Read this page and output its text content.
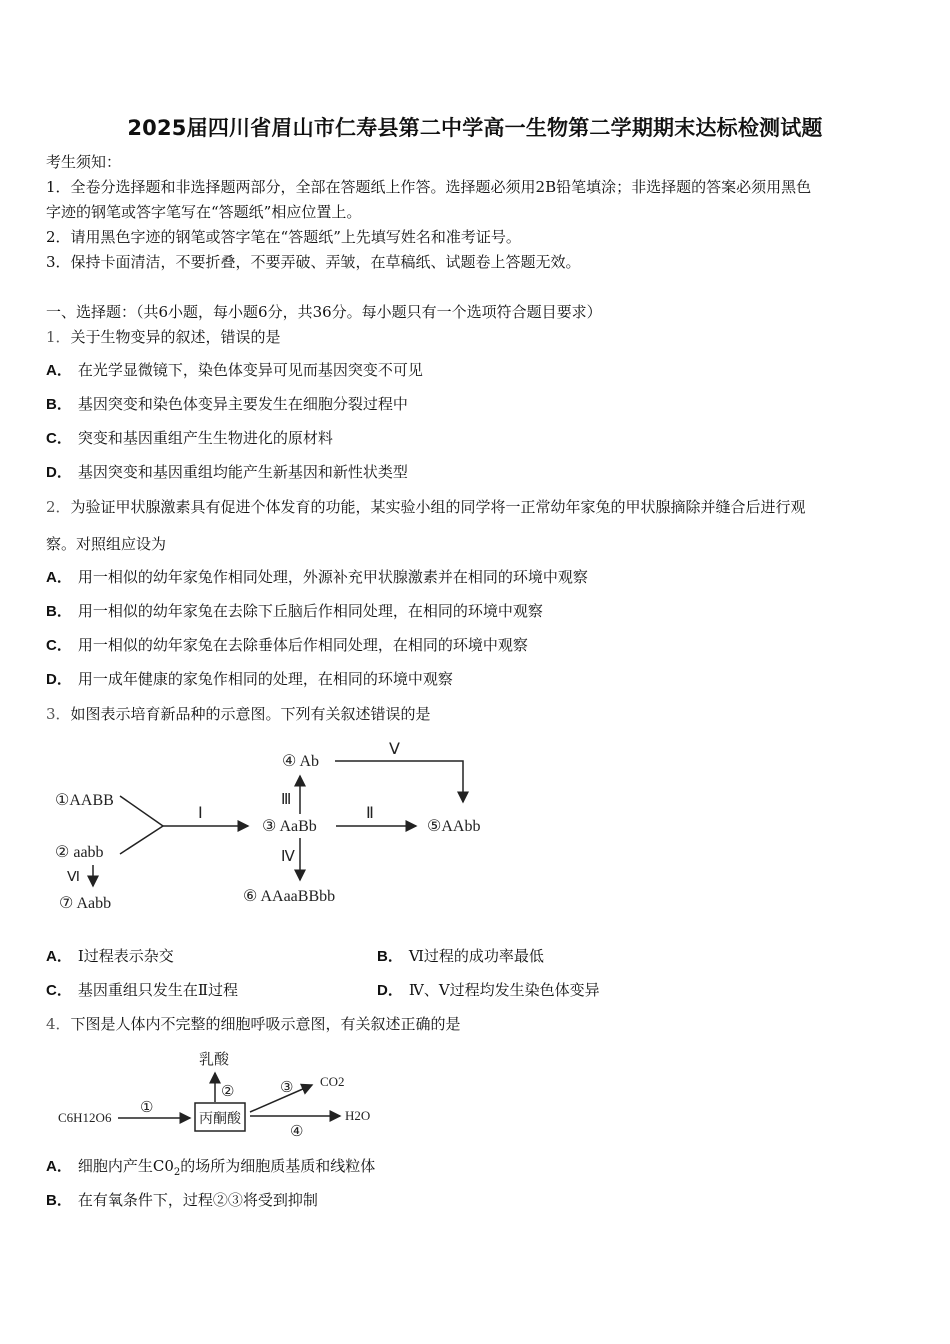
2025届四川省眉山市仁寿县第二中学高一生物第二学期期末达标检测试题
考生须知：
1．全卷分选择题和非选择题两部分，全部在答题纸上作答。选择题必须用2B铅笔填涂；非选择题的答案必须用黑色
字迹的钢笔或答字笔写在“答题纸”相应位置上。
2．请用黑色字迹的钢笔或答字笔在“答题纸”上先填写姓名和准考证号。
3．保持卡面清洁，不要折叠，不要弄破、弄皱，在草稿纸、试题卷上答题无效。
一、选择题：（共6小题，每小题6分，共36分。每小题只有一个选项符合题目要求）
1．关于生物变异的叙述，错误的是
A． 在光学显微镜下，染色体变异可见而基因突变不可见
B． 基因突变和染色体变异主要发生在细胞分裂过程中
C． 突变和基因重组产生生物进化的原材料
D． 基因突变和基因重组均能产生新基因和新性状类型
2．为验证甲状腺激素具有促进个体发育的功能，某实验小组的同学将一正常幼年家兔的甲状腺摘除并缝合后进行观
察。对照组应设为
A． 用一相似的幼年家兔作相同处理，外源补充甲状腺激素并在相同的环境中观察
B． 用一相似的幼年家兔在去除下丘脑后作相同处理，在相同的环境中观察
C． 用一相似的幼年家兔在去除垂体后作相同处理，在相同的环境中观察
D． 用一成年健康的家兔作相同的处理，在相同的环境中观察
3．如图表示培育新品种的示意图。下列有关叙述错误的是
①AABB
② aabb
③ AaBb
④ Ab
⑤AAbb
⑥ AAaaBBbb
⑦ Aabb
Ⅰ	Ⅱ
Ⅲ
Ⅳ
Ⅴ
Ⅵ
A． Ⅰ过程表示杂交	B． Ⅵ过程的成功率最低
C． 基因重组只发生在Ⅱ过程	D． Ⅳ、Ⅴ过程均发生染色体变异
4．下图是人体内不完整的细胞呼吸示意图，有关叙述正确的是
C6H12O6
①
丙酮酸
乳酸
②	③ CO2
④
H2O
A． 细胞内产生$C0_2$的场所为细胞质基质和线粒体
B． 在有氧条件下，过程②③将受到抑制
